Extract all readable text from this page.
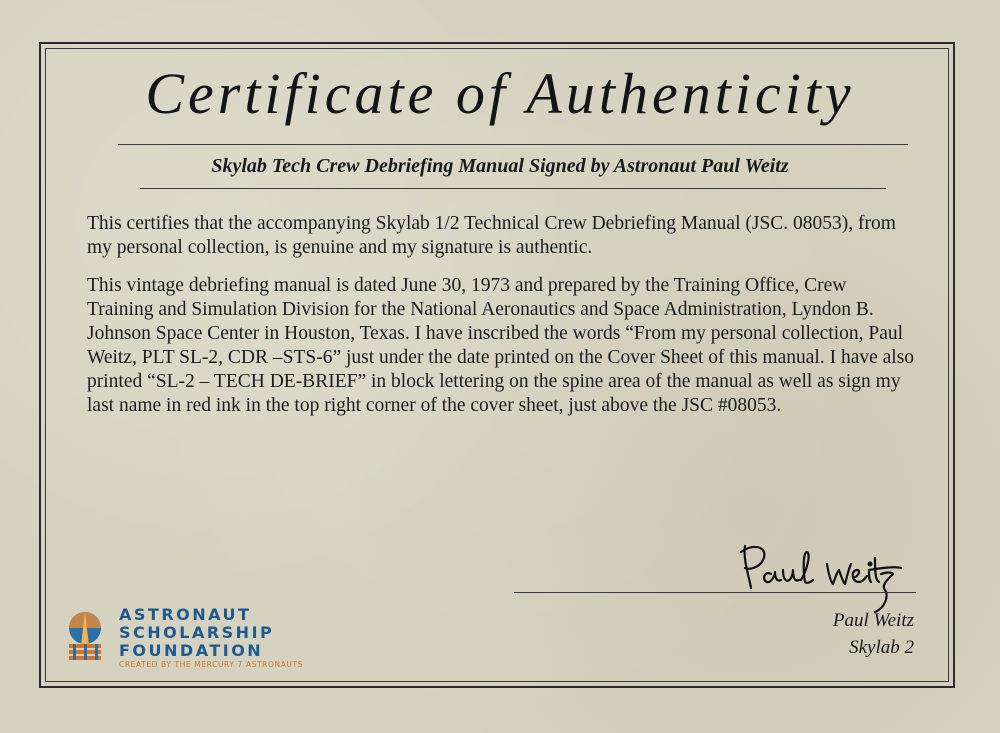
Certificate of Authenticity
Skylab Tech Crew Debriefing Manual Signed by Astronaut Paul Weitz

This certifies that the accompanying Skylab 1/2 Technical Crew Debriefing Manual (JSC. 08053), from my personal collection, is genuine and my signature is authentic.

This vintage debriefing manual is dated June 30, 1973 and prepared by the Training Office, Crew Training and Simulation Division for the National Aeronautics and Space Administration, Lyndon B. Johnson Space Center in Houston, Texas. I have inscribed the words “From my personal collection, Paul Weitz, PLT SL-2, CDR –STS-6” just under the date printed on the Cover Sheet of this manual. I have also printed “SL-2 – TECH DE-BRIEF” in block lettering on the spine area of the manual as well as sign my last name in red ink in the top right corner of the cover sheet, just above the JSC #08053.

Paul Weitz
Skylab 2
ASTRONAUT
SCHOLARSHIP
FOUNDATION
CREATED BY THE MERCURY 7 ASTRONAUTS
